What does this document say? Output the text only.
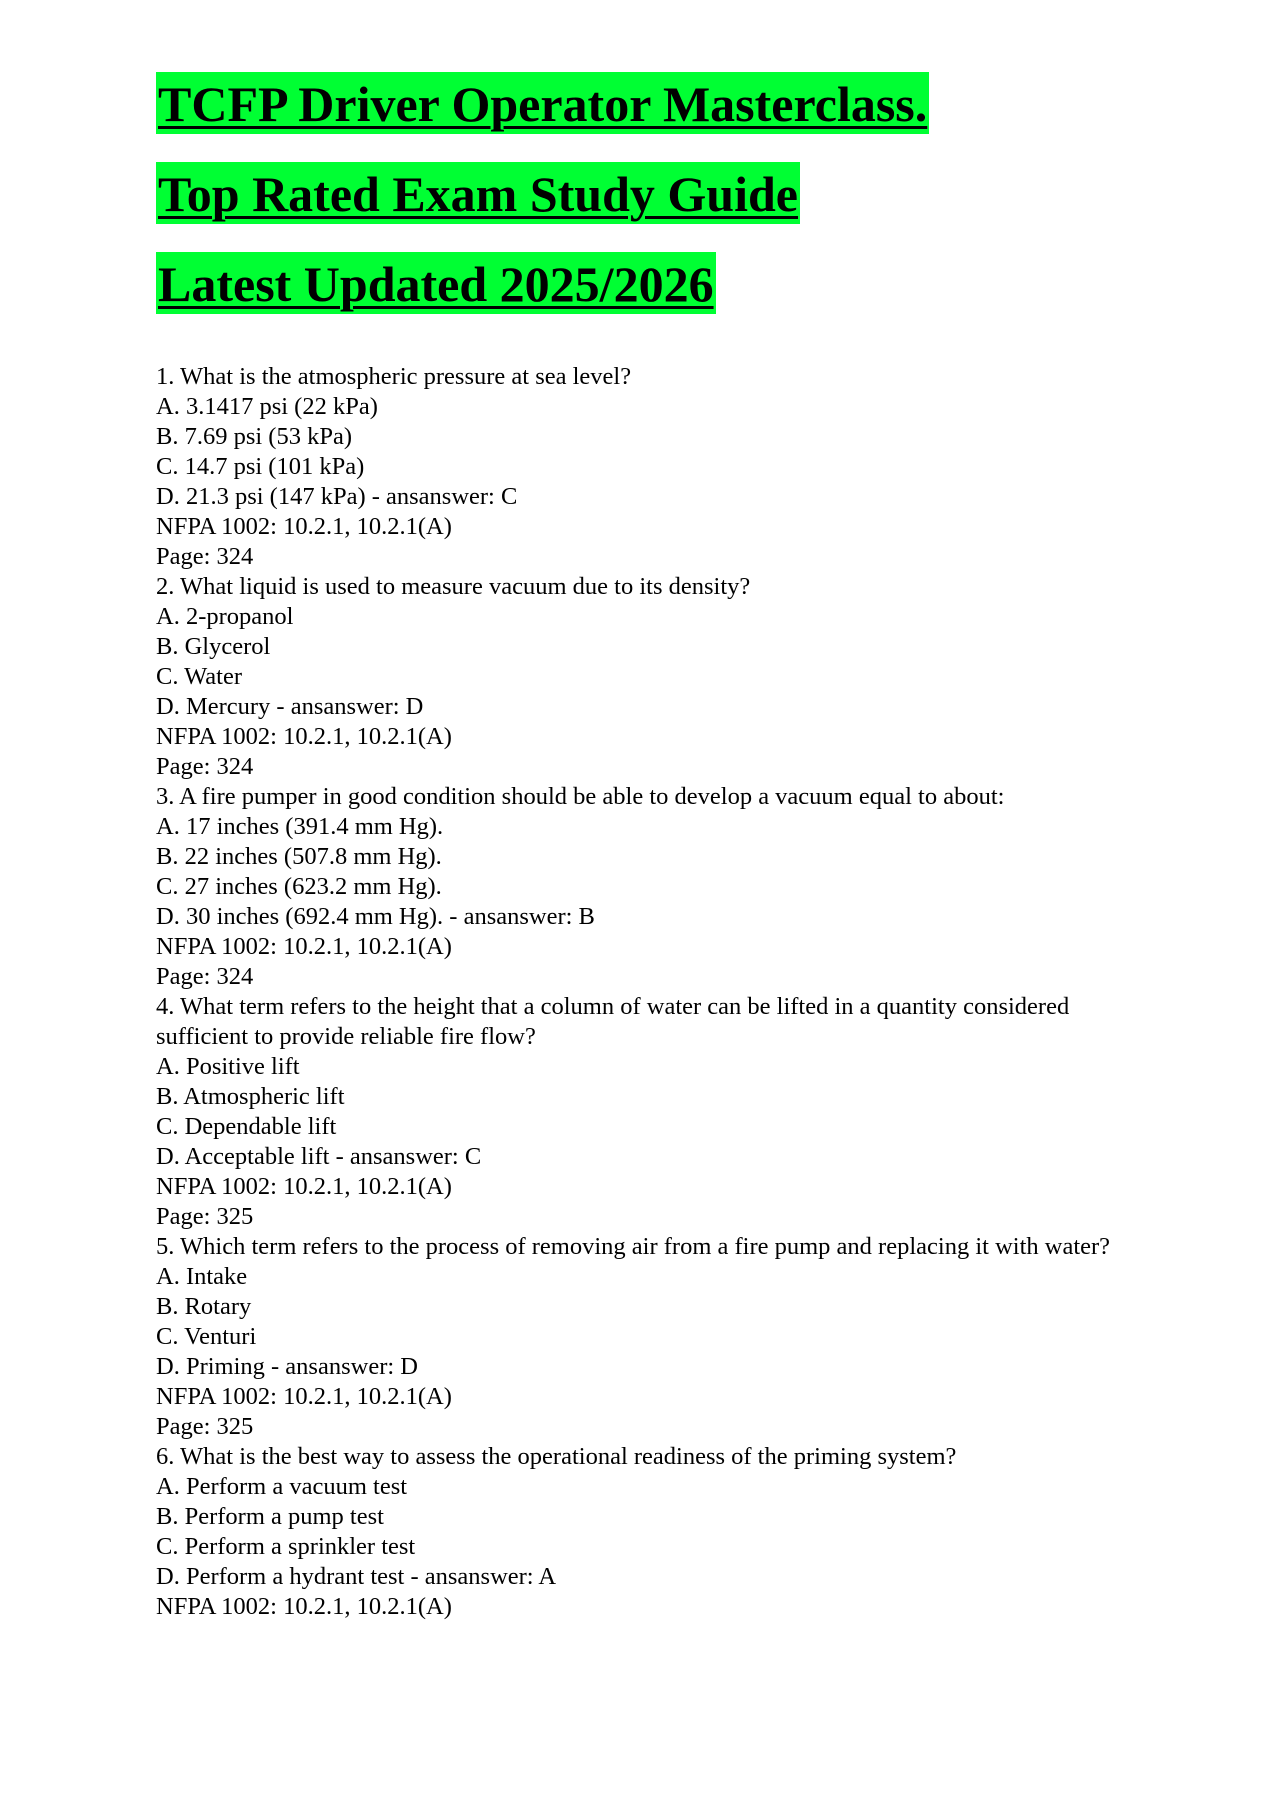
TCFP Driver Operator Masterclass.
Top Rated Exam Study Guide
Latest Updated 2025/2026
1. What is the atmospheric pressure at sea level?
A. 3.1417 psi (22 kPa)
B. 7.69 psi (53 kPa)
C. 14.7 psi (101 kPa)
D. 21.3 psi (147 kPa) - ansanswer: C
NFPA 1002: 10.2.1, 10.2.1(A)
Page: 324
2. What liquid is used to measure vacuum due to its density?
A. 2-propanol
B. Glycerol
C. Water
D. Mercury - ansanswer: D
NFPA 1002: 10.2.1, 10.2.1(A)
Page: 324
3. A fire pumper in good condition should be able to develop a vacuum equal to about:
A. 17 inches (391.4 mm Hg).
B. 22 inches (507.8 mm Hg).
C. 27 inches (623.2 mm Hg).
D. 30 inches (692.4 mm Hg). - ansanswer: B
NFPA 1002: 10.2.1, 10.2.1(A)
Page: 324
4. What term refers to the height that a column of water can be lifted in a quantity considered sufficient to provide reliable fire flow?
A. Positive lift
B. Atmospheric lift
C. Dependable lift
D. Acceptable lift - ansanswer: C
NFPA 1002: 10.2.1, 10.2.1(A)
Page: 325
5. Which term refers to the process of removing air from a fire pump and replacing it with water?
A. Intake
B. Rotary
C. Venturi
D. Priming - ansanswer: D
NFPA 1002: 10.2.1, 10.2.1(A)
Page: 325
6. What is the best way to assess the operational readiness of the priming system?
A. Perform a vacuum test
B. Perform a pump test
C. Perform a sprinkler test
D. Perform a hydrant test - ansanswer: A
NFPA 1002: 10.2.1, 10.2.1(A)
